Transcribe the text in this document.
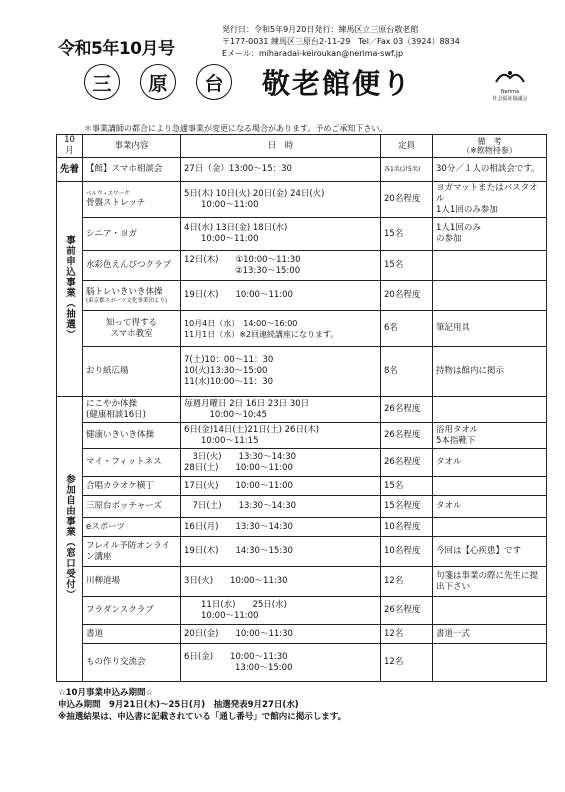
令和5年10月号
発行日：令和5年9月20日発行：練馬区立三原台敬老館
〒177-0031 練馬区三原台2-11-29　Tel／Fax 03（3924）8834
Eメール：miharadai-keiroukan@nerima-swf.jp
三	原	台	敬老館便り	Nerima
社会福祉協議会
＊事業講師の都合により急遽事業が変更になる場合があります。予めご承知下さい。
10月	事業内容	日　時	定員	備　考
（※飲物持参）
先着	【館】スマホ相談会	27日（金）13:00～15：30	各1名(計5名)	30分／１人の相談会です。
事前申込事業（抽選）	ベルヴィスワーク
骨盤ストレッチ	5日(木) 10日(火) 20日(金) 24日(火)
　　10:00～11:00	20名程度	ヨガマットまたはバスタオル
1人1回のみ参加
	シニア・ヨガ	4日(水) 13日(金) 18日(水)
　　10:00～11:00	15名	1人1回のみ
の参加
	水彩色えんぴつクラブ	12日(木)　　①10:00～11:30
　　　　　　②13:30～15:00	15名	
	脳トレいきいき体操
(東京都スポーツ文化事業団より)	19日(木)　　10:00～11:00	20名程度	
	知って得する
スマホ教室	10月4日（水）　14:00～16:00
11月1日（水）※2回連続講座になります。	6名	筆記用具
	おり紙広場	7(土)10：00～11：30
10(火)13:30～15:00
11(水)10:00～11：30	8名	持物は館内に掲示
参加自由事業（窓口受付）	にこやか体操
(健康相談16日)	毎週月曜日 2日 16日 23日 30日
　　　10:00～10:45	26名程度	
	健康いきいき体操	6日(金)14日(土)21日(土) 26日(木)
　　10:00～11:15	26名程度	浴用タオル
5本指靴下
	マイ・フィットネス	　3日(火)　　13:30～14:30
28日(土)　　10:00～11:00	26名程度	タオル
	合唱カラオケ横丁	17日(火)　　10:00～11:00	15名	
	三原台ボッチャーズ	　7日(土)　　13:30～14:30	15名程度	タオル
	eスポーツ	16日(月)　　13:30～14:30	10名程度	
	フレイル予防オンライン講座	19日(木)　　14:30～15:30	10名程度	今回は【心疾患】です
	川柳道場	3日(火)　　10:00～11:30	12名	句箋は事業の際に先生に提出下さい
	フラダンスクラブ	　　11日(水)　　25日(水)
　　10:00～11:00	26名程度	
	書道	20日(金)　　10:00～11:30	12名	書道一式
	もの作り交流会	6日(金)　　10:00～11:30
　　　　　　13:00～15:00	12名	
☆10月事業申込み期間☆
申込み期間　9月21日(木)～25日(月)　抽選発表9月27日(水)
※抽選結果は、申込書に記載されている「通し番号」で館内に掲示します。
